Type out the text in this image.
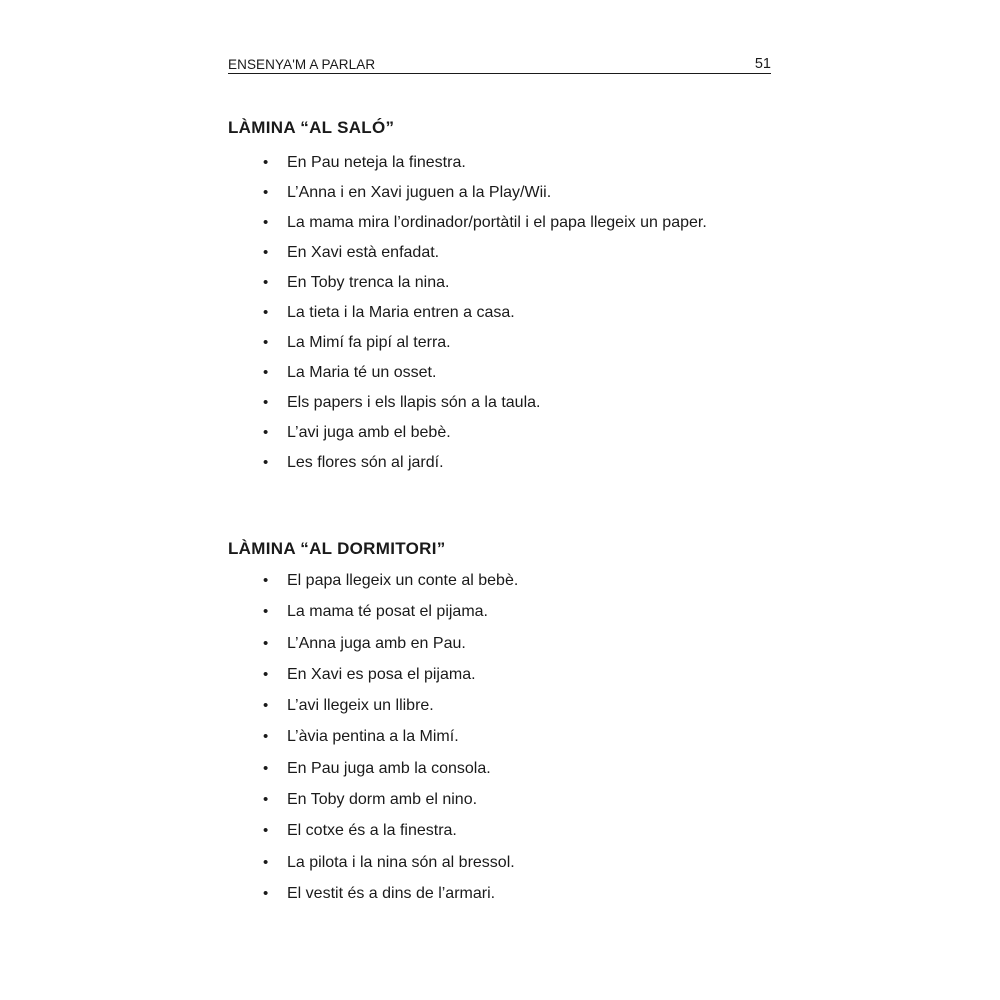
ENSENYA'M A PARLAR	51
LÀMINA “AL SALÓ”
• En Pau neteja la finestra.
• L’Anna i en Xavi juguen a la Play/Wii.
• La mama mira l’ordinador/portàtil i el papa llegeix un paper.
• En Xavi està enfadat.
• En Toby trenca la nina.
• La tieta i la Maria entren a casa.
• La Mimí fa pipí al terra.
• La Maria té un osset.
• Els papers i els llapis són a la taula.
• L’avi juga amb el bebè.
• Les flores són al jardí.
LÀMINA “AL DORMITORI”
• El papa llegeix un conte al bebè.
• La mama té posat el pijama.
• L’Anna juga amb en Pau.
• En Xavi es posa el pijama.
• L’avi llegeix un llibre.
• L’àvia pentina a la Mimí.
• En Pau juga amb la consola.
• En Toby dorm amb el nino.
• El cotxe és a la finestra.
• La pilota i la nina són al bressol.
• El vestit és a dins de l’armari.
